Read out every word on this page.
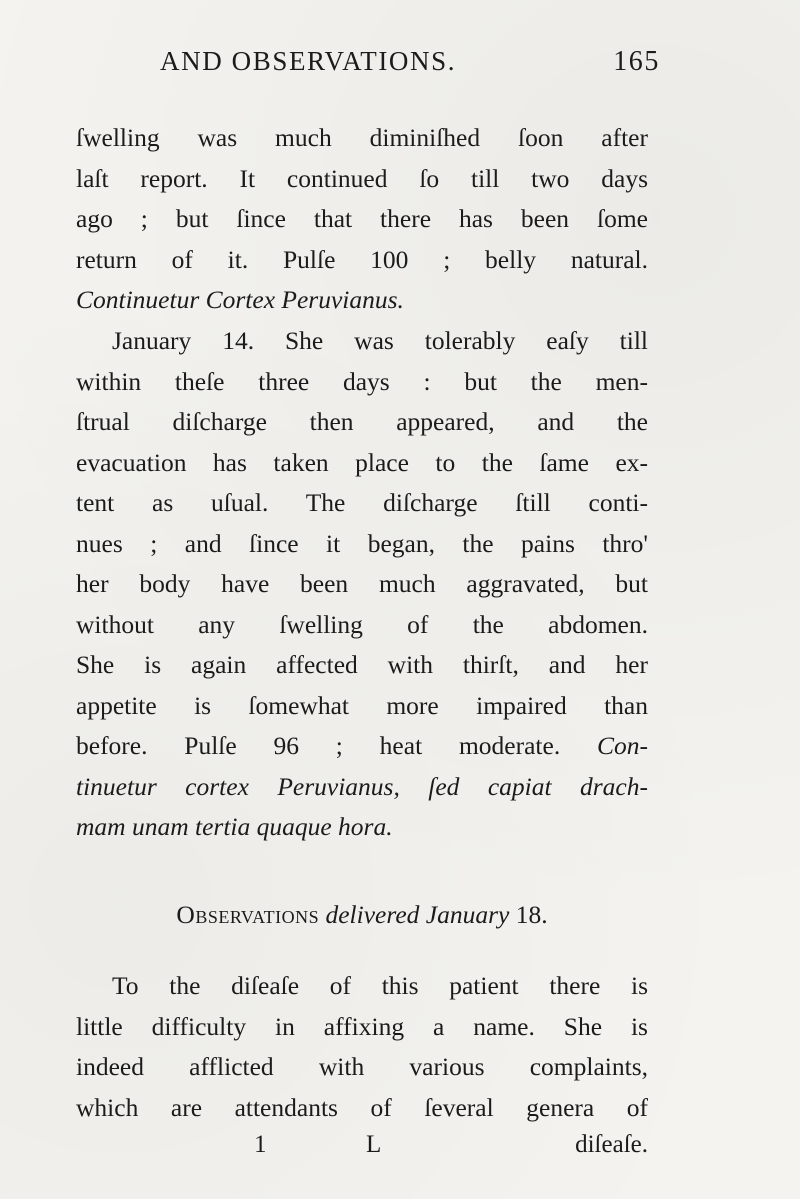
AND OBSERVATIONS.	165
ſwelling was much diminiſhed ſoon after
laſt report. It continued ſo till two days
ago ; but ſince that there has been ſome
return of it. Pulſe 100 ; belly natural.
Continuetur Cortex Peruvianus.
January 14. She was tolerably eaſy till
within theſe three days : but the men-
ſtrual diſcharge then appeared, and the
evacuation has taken place to the ſame ex-
tent as uſual. The diſcharge ſtill conti-
nues ; and ſince it began, the pains thro'
her body have been much aggravated, but
without any ſwelling of the abdomen.
She is again affected with thirſt, and her
appetite is ſomewhat more impaired than
before. Pulſe 96 ; heat moderate. Con-
tinuetur cortex Peruvianus, ſed capiat drach-
mam unam tertia quaque hora.
Observations delivered January 18.
To the diſeaſe of this patient there is
little difficulty in affixing a name. She is
indeed afflicted with various complaints,
which are attendants of ſeveral genera of
1	L	diſeaſe.
